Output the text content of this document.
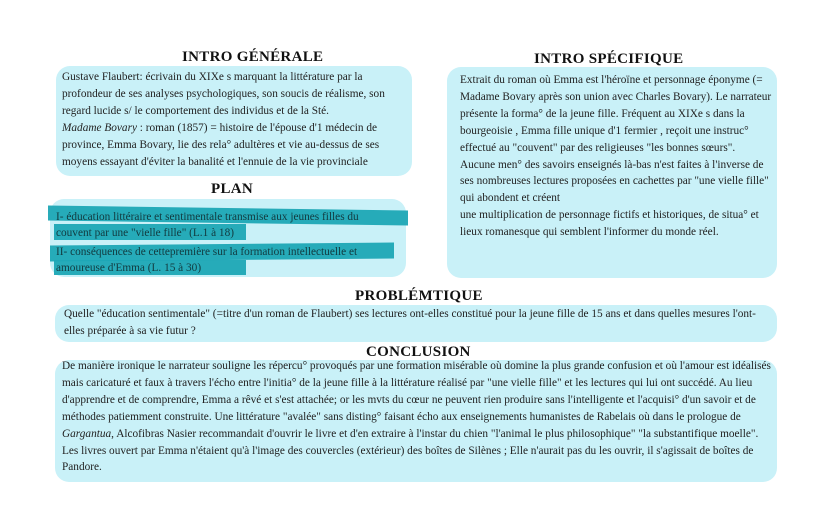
INTRO GÉNÉRALE

Gustave Flaubert: écrivain du XIXe s marquant la littérature par la profondeur de ses analyses psychologiques, son soucis de réalisme, son regard lucide s/ le comportement des individus et de la Sté.

Madame Bovary : roman (1857) = histoire de l'épouse d'1 médecin de province, Emma Bovary, lie des rela° adultères et vie au-dessus de ses moyens essayant d'éviter la banalité et l'ennuie de la vie provinciale

PLAN
I- éducation littéraire et sentimentale transmise aux jeunes filles du
couvent par une "vielle fille" (L.1 à 18)
II- conséquences de cettepremière sur la formation intellectuelle et
amoureuse d'Emma (L. 15 à 30)
INTRO SPÉCIFIQUE

Extrait du roman où Emma est l'héroïne et personnage éponyme (= Madame Bovary après son union avec Charles Bovary). Le narrateur présente la forma° de la jeune fille. Fréquent au XIXe s dans la bourgeoisie , Emma fille unique d'1 fermier , reçoit une instruc° effectué au "couvent" par des religieuses "les bonnes sœurs". Aucune men° des savoirs enseignés là-bas n'est faites à l'inverse de ses nombreuses lectures proposées en cachettes par "une vielle fille" qui abondent et créent

une multiplication de personnage fictifs et historiques, de situa° et lieux romanesque qui semblent l'informer du monde réel.

PROBLÉMTIQUE
Quelle "éducation sentimentale" (=titre d'un roman de Flaubert) ses lectures ont-elles constitué pour la jeune fille de 15 ans et dans quelles mesures l'ont-elles préparée à sa vie futur ?
CONCLUSION

De manière ironique le narrateur souligne les répercu° provoqués par une formation misérable où domine la plus grande confusion et où l'amour est idéalisés mais caricaturé et faux à travers l'écho entre l'initia° de la jeune fille à la littérature réalisé par "une vielle fille" et les lectures qui lui ont succédé. Au lieu d'apprendre et de comprendre, Emma a rêvé et s'est attachée; or les mvts du cœur ne peuvent rien produire sans l'intelligente et l'acquisi° d'un savoir et de méthodes patiemment construite. Une littérature "avalée" sans disting° faisant écho aux enseignements humanistes de Rabelais où dans le prologue de Gargantua, Alcofibras Nasier recommandait d'ouvrir le livre et d'en extraire à l'instar du chien "l'animal le plus philosophique" "la substantifique moelle". Les livres ouvert par Emma n'étaient qu'à l'image des couvercles (extérieur) des boîtes de Silènes ; Elle n'aurait pas du les ouvrir, il s'agissait de boîtes de Pandore.
